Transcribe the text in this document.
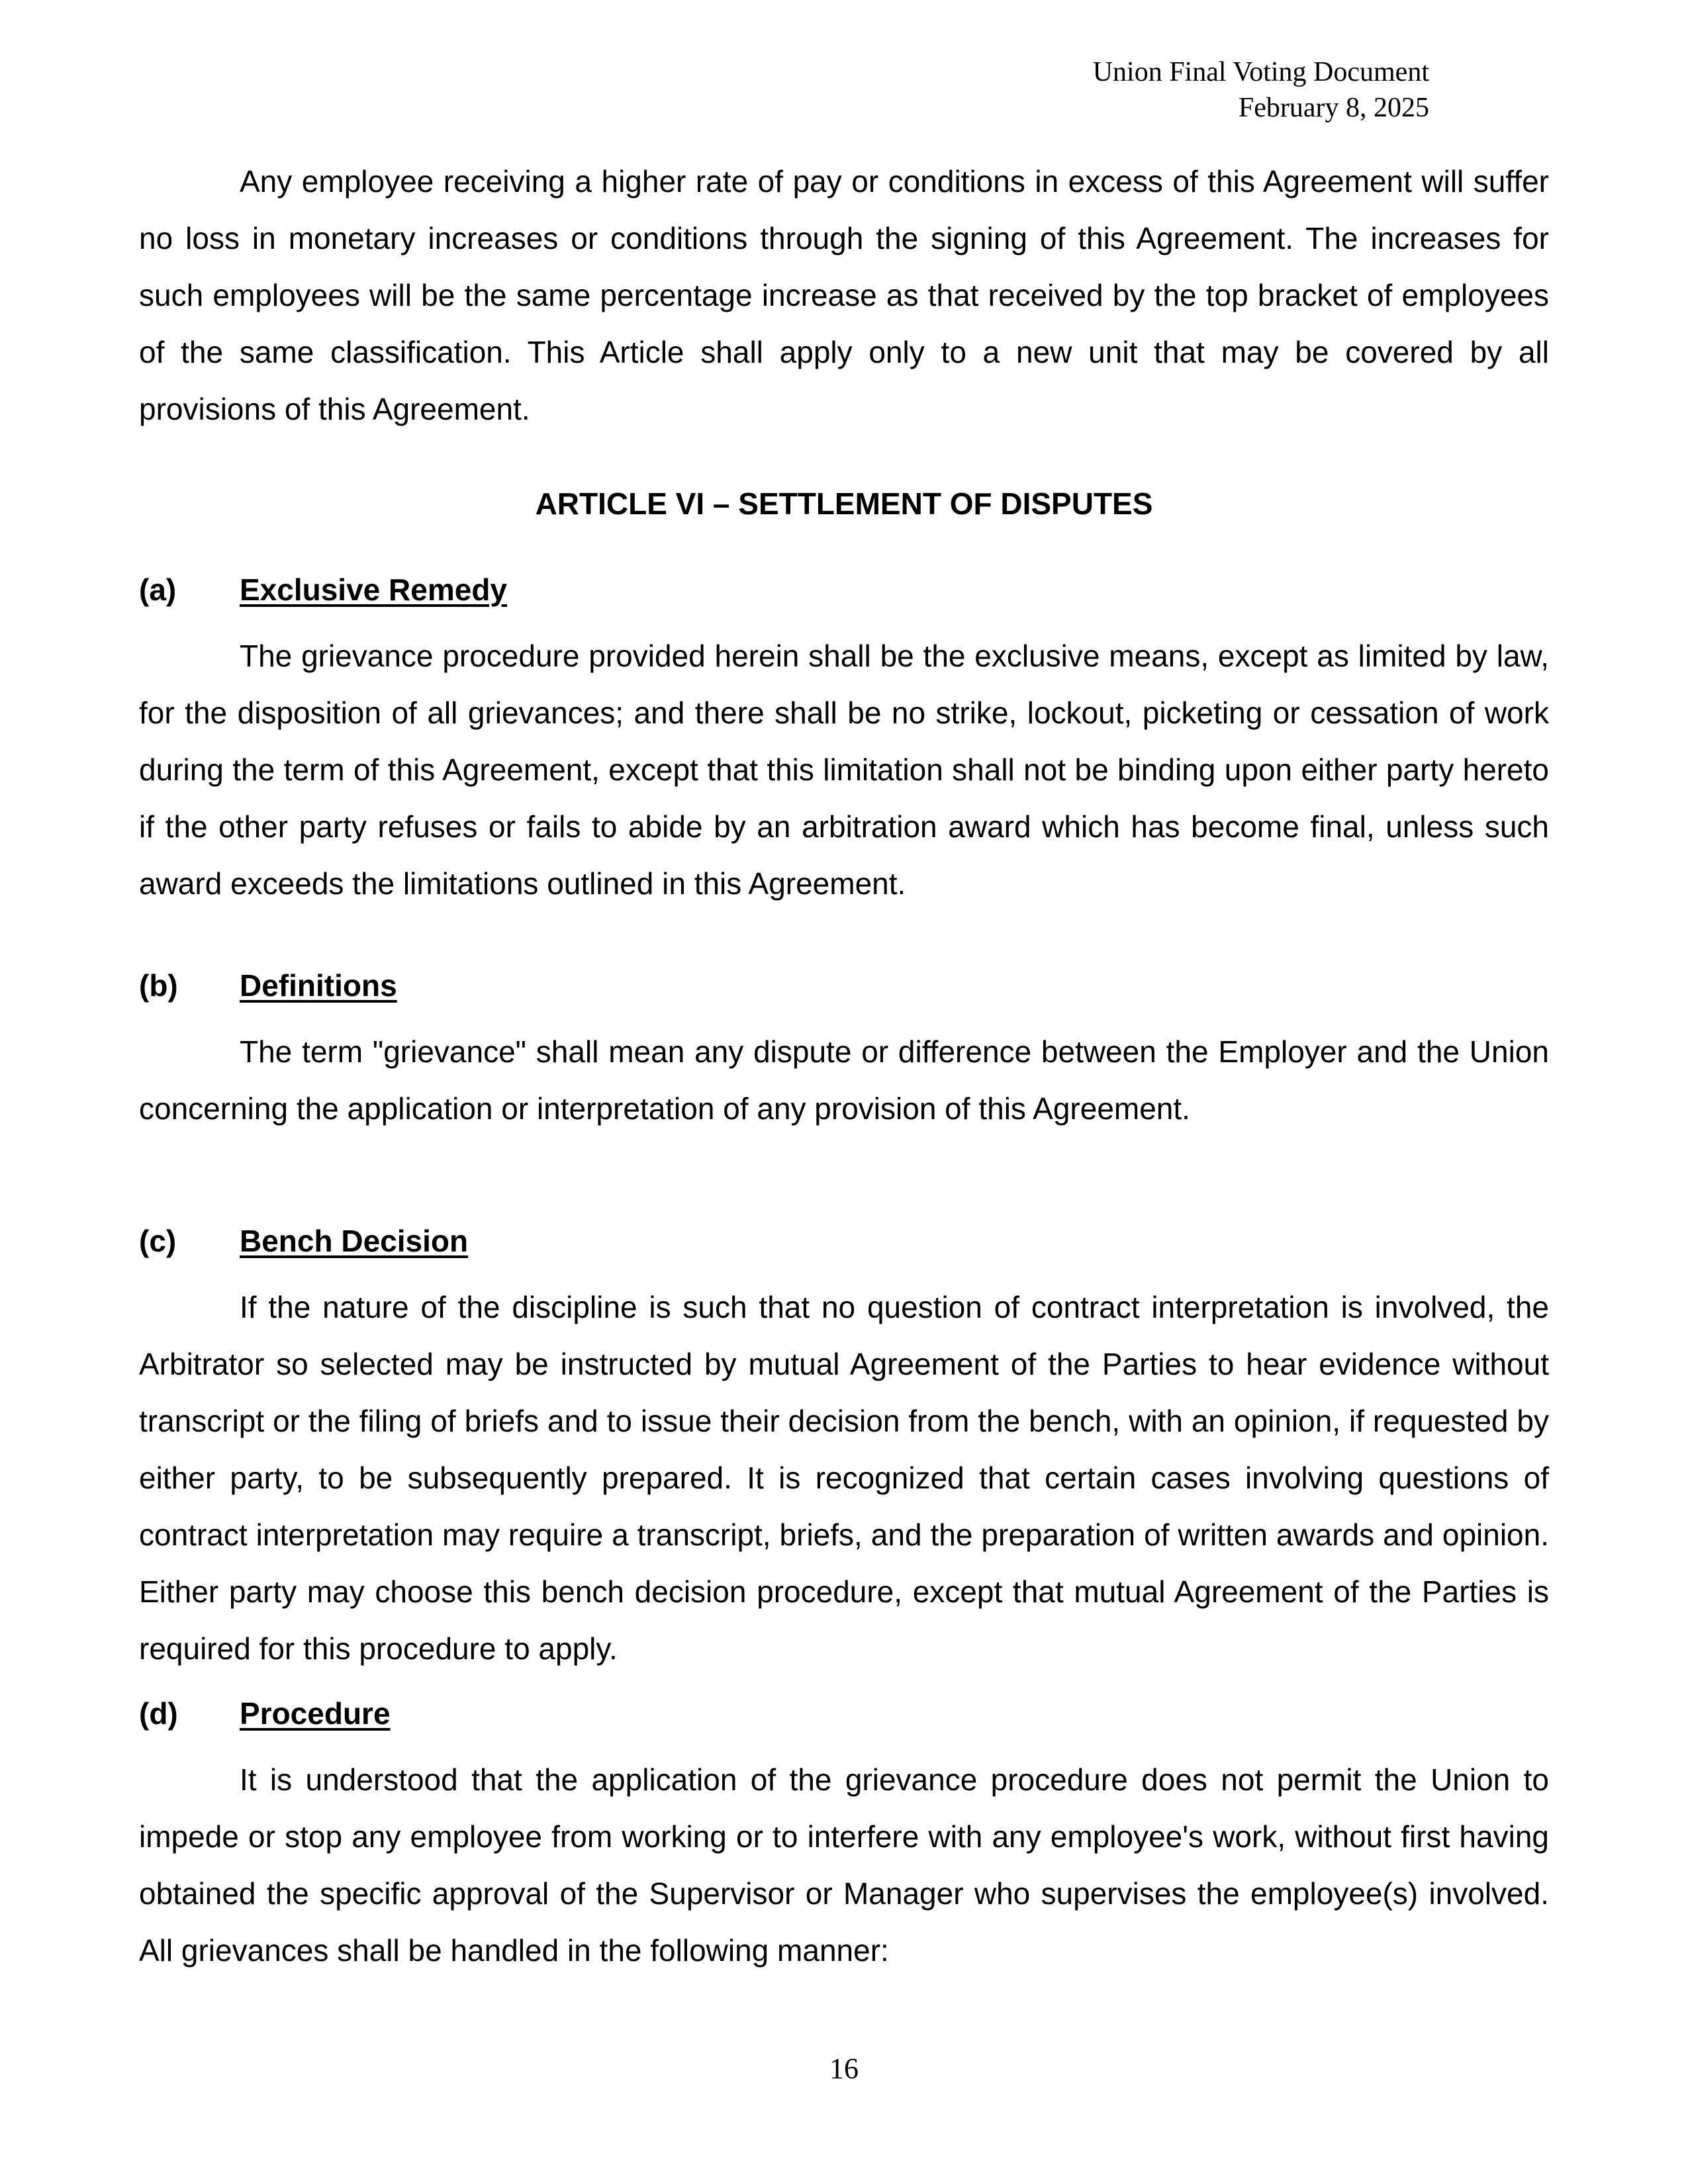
Union Final Voting Document
February 8, 2025

Any employee receiving a higher rate of pay or conditions in excess of this Agreement will suffer no loss in monetary increases or conditions through the signing of this Agreement. The increases for such employees will be the same percentage increase as that received by the top bracket of employees of the same classification. This Article shall apply only to a new unit that may be covered by all provisions of this Agreement.

ARTICLE VI – SETTLEMENT OF DISPUTES
(a) Exclusive Remedy

The grievance procedure provided herein shall be the exclusive means, except as limited by law, for the disposition of all grievances; and there shall be no strike, lockout, picketing or cessation of work during the term of this Agreement, except that this limitation shall not be binding upon either party hereto if the other party refuses or fails to abide by an arbitration award which has become final, unless such award exceeds the limitations outlined in this Agreement.

(b) Definitions

The term "grievance" shall mean any dispute or difference between the Employer and the Union concerning the application or interpretation of any provision of this Agreement.

(c) Bench Decision

If the nature of the discipline is such that no question of contract interpretation is involved, the Arbitrator so selected may be instructed by mutual Agreement of the Parties to hear evidence without transcript or the filing of briefs and to issue their decision from the bench, with an opinion, if requested by either party, to be subsequently prepared. It is recognized that certain cases involving questions of contract interpretation may require a transcript, briefs, and the preparation of written awards and opinion. Either party may choose this bench decision procedure, except that mutual Agreement of the Parties is required for this procedure to apply.

(d) Procedure

It is understood that the application of the grievance procedure does not permit the Union to impede or stop any employee from working or to interfere with any employee's work, without first having obtained the specific approval of the Supervisor or Manager who supervises the employee(s) involved. All grievances shall be handled in the following manner:

16
